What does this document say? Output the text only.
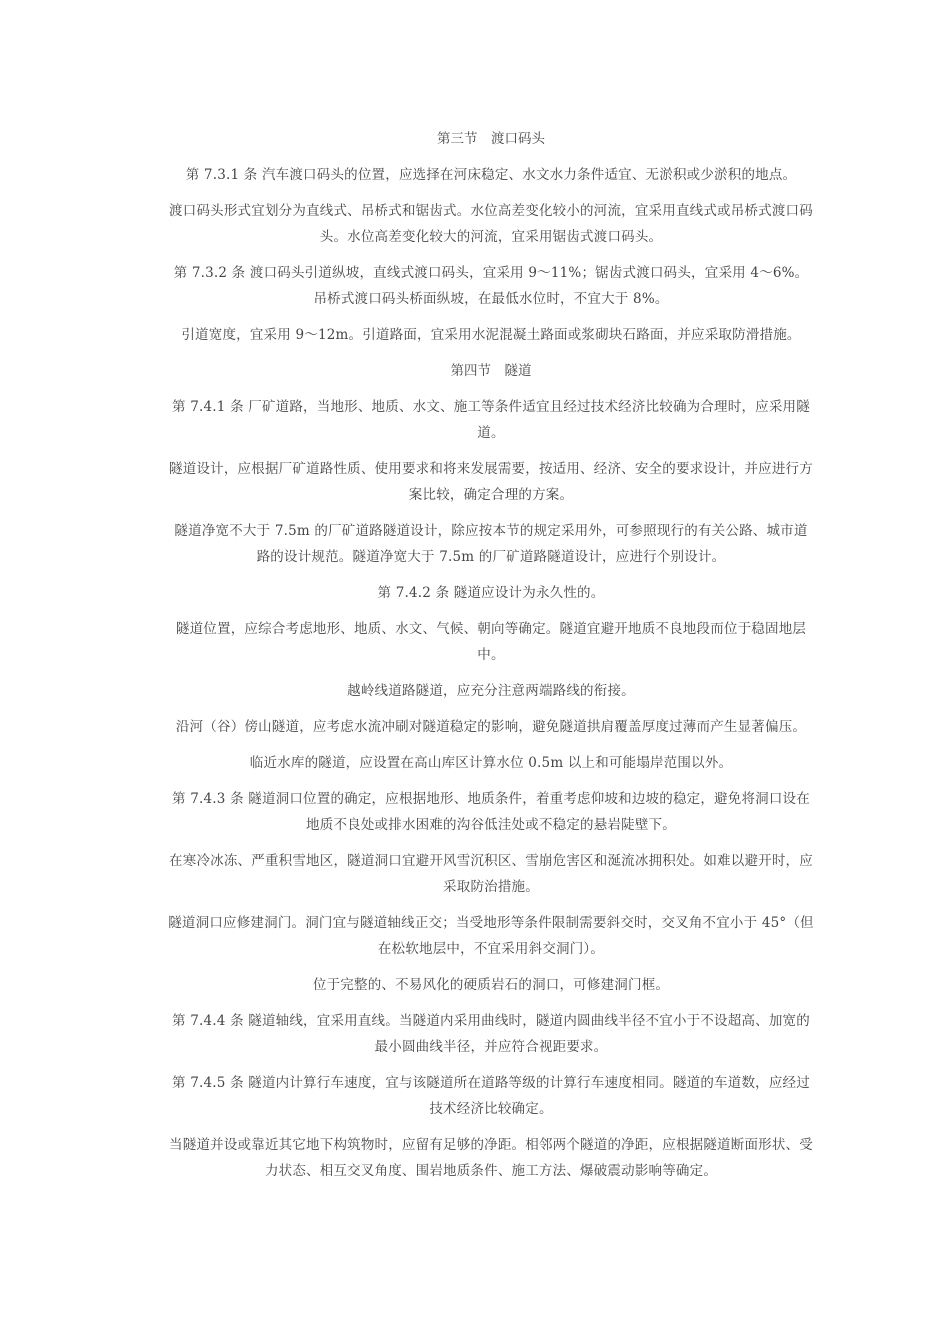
第三节　渡口码头
第 7.3.1 条 汽车渡口码头的位置，应选择在河床稳定、水文水力条件适宜、无淤积或少淤积的地点。
渡口码头形式宜划分为直线式、吊桥式和锯齿式。水位高差变化较小的河流，宜采用直线式或吊桥式渡口码头。水位高差变化较大的河流，宜采用锯齿式渡口码头。
第 7.3.2 条 渡口码头引道纵坡，直线式渡口码头，宜采用 9～11%；锯齿式渡口码头，宜采用 4～6%。吊桥式渡口码头桥面纵坡，在最低水位时，不宜大于 8%。
引道宽度，宜采用 9～12m。引道路面，宜采用水泥混凝土路面或浆砌块石路面，并应采取防滑措施。
第四节　隧道
第 7.4.1 条 厂矿道路，当地形、地质、水文、施工等条件适宜且经过技术经济比较确为合理时，应采用隧道。
隧道设计，应根据厂矿道路性质、使用要求和将来发展需要，按适用、经济、安全的要求设计，并应进行方案比较，确定合理的方案。
隧道净宽不大于 7.5m 的厂矿道路隧道设计，除应按本节的规定采用外，可参照现行的有关公路、城市道路的设计规范。隧道净宽大于 7.5m 的厂矿道路隧道设计，应进行个别设计。
第 7.4.2 条 隧道应设计为永久性的。
隧道位置，应综合考虑地形、地质、水文、气候、朝向等确定。隧道宜避开地质不良地段而位于稳固地层中。
越岭线道路隧道，应充分注意两端路线的衔接。
沿河（谷）傍山隧道，应考虑水流冲刷对隧道稳定的影响，避免隧道拱肩覆盖厚度过薄而产生显著偏压。
临近水库的隧道，应设置在高山库区计算水位 0.5m 以上和可能塌岸范围以外。
第 7.4.3 条 隧道洞口位置的确定，应根据地形、地质条件，着重考虑仰坡和边坡的稳定，避免将洞口设在地质不良处或排水困难的沟谷低洼处或不稳定的悬岩陡壁下。
在寒冷冰冻、严重积雪地区，隧道洞口宜避开风雪沉积区、雪崩危害区和涎流冰拥积处。如难以避开时，应采取防治措施。
隧道洞口应修建洞门。洞门宜与隧道轴线正交；当受地形等条件限制需要斜交时，交叉角不宜小于 45°（但在松软地层中，不宜采用斜交洞门）。
位于完整的、不易风化的硬质岩石的洞口，可修建洞门框。
第 7.4.4 条 隧道轴线，宜采用直线。当隧道内采用曲线时，隧道内圆曲线半径不宜小于不设超高、加宽的最小圆曲线半径，并应符合视距要求。
第 7.4.5 条 隧道内计算行车速度，宜与该隧道所在道路等级的计算行车速度相同。隧道的车道数，应经过技术经济比较确定。
当隧道并设或靠近其它地下构筑物时，应留有足够的净距。相邻两个隧道的净距，应根据隧道断面形状、受力状态、相互交叉角度、围岩地质条件、施工方法、爆破震动影响等确定。
